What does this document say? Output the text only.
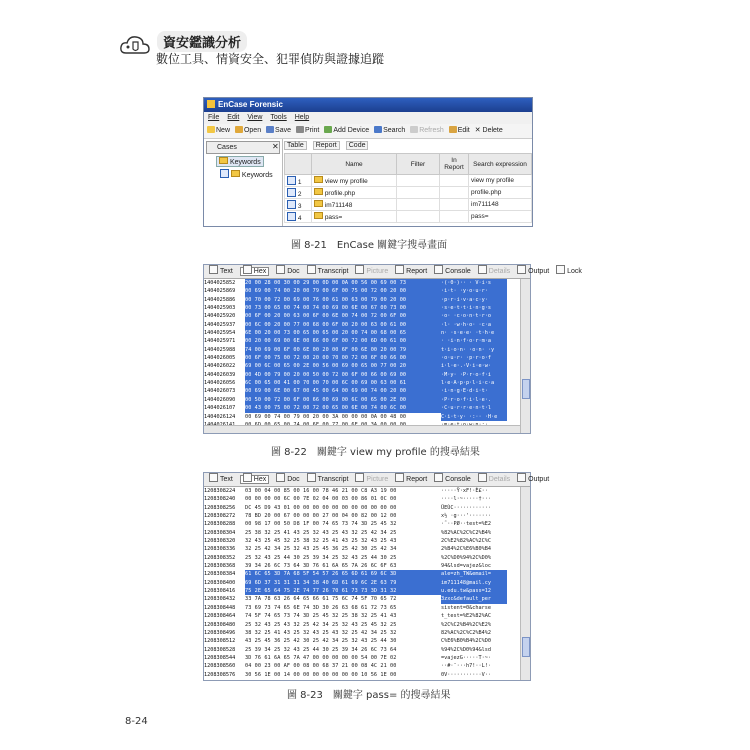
資安鑑識分析
數位工具、情資安全、犯罪偵防與證據追蹤
EnCase Forensic
File Edit View Tools Help
New Open Save Print Add Device Search Refresh Edit ✕ Delete
Cases	✕
Keywords
Keywords
Table Report Code
	Name	Filter	In Report	Search expression
1	view my profile			view my profile
2	profile.php			profile.php
3	im711148			im711148
4	pass=			pass=
圖 8-21　EnCase 關鍵字搜尋畫面
Text	Hex	Doc	Transcript	Picture	Report	Console	Details	Output	Lock
1404025852 20 00 28 00 30 00 29 00 0D 00 0A 00 56 00 69 00 73	·(·0·)·· · V·i·s
1404025869 00 69 00 74 00 20 00 79 00 6F 00 75 00 72 00 20 00	·i·t· ·y·o·u·r·
1404025886 00 70 00 72 00 69 00 76 00 61 00 63 00 79 00 20 00	·p·r·i·v·a·c·y·
1404025903 00 73 00 65 00 74 00 74 00 69 00 6E 00 67 00 73 00	·s·e·t·t·i·n·g·s
1404025920 00 6F 00 20 00 63 00 6F 00 6E 00 74 00 72 00 6F 00	·o· ·c·o·n·t·r·o
1404025937 00 6C 00 20 00 77 00 68 00 6F 00 20 00 63 00 61 00	·l· ·w·h·o· ·c·a
1404025954 6E 00 20 00 73 00 65 00 65 00 20 00 74 00 68 00 65	n· ·s·e·e· ·t·h·e
1404025971 00 20 00 69 00 6E 00 66 00 6F 00 72 00 6D 00 61 00	· ·i·n·f·o·r·m·a
1404025988 74 00 69 00 6F 00 6E 00 20 00 6F 00 6E 00 20 00 79	t·i·o·n· ·o·n· ·y
1404026005 00 6F 00 75 00 72 00 20 00 70 00 72 00 6F 00 66 00	·o·u·r· ·p·r·o·f
1404026022 69 00 6C 00 65 00 2E 00 56 00 69 00 65 00 77 00 20	i·l·e·.·V·i·e·w·
1404026039 00 4D 00 79 00 20 00 50 00 72 00 6F 00 66 00 69 00	·M·y· ·P·r·o·f·i
1404026056 6C 00 65 00 41 00 70 00 70 00 6C 00 69 00 63 00 61	l·e·A·p·p·l·i·c·a
1404026073 00 69 00 6E 00 67 00 45 00 64 00 69 00 74 00 20 00	·i·n·g·E·d·i·t·
1404026090 00 50 00 72 00 6F 00 66 00 69 00 6C 00 65 00 2E 00	·P·r·o·f·i·l·e·.
1404026107 00 43 00 75 00 72 00 72 00 65 00 6E 00 74 00 6C 00	·C·u·r·r·e·n·t·l
1404026124 00 69 00 74 00 79 00 20 00 3A 00 00 00 0A 00 48 00	C·i·t·y· ·:·· ·H·e
圖 8-22　關鍵字 view my profile 的搜尋結果
Text	Hex	Doc	Transcript	Picture	Report	Console	Details	Output
1208308224 03 00 04 00 85 00 16 00 78 46 21 00 C8 A3 19 00	·····Ÿ·xF!·È£··
1208308240 00 00 00 00 6C 00 7E 02 04 00 03 00 86 01 0C 00	····l·~·····†···
1208308256 DC 45 D9 43 01 00 00 00 00 00 00 00 00 00 00 00	ÜEÙC············
1208308272 78 BD 20 00 67 00 00 00 27 00 04 00 82 00 12 00	x½ ·g···'·······
1208308288 00 98 17 00 50 D8 1F 00 74 65 73 74 3D 25 45 32	·˜··PØ··test=%E2
1208308304 25 38 32 25 41 43 25 32 43 25 43 32 25 42 34 25	%82%AC%2C%C2%B4%
1208308320 32 43 25 45 32 25 38 32 25 41 43 25 32 43 25 43	2C%E2%82%AC%2C%C
1208308336 32 25 42 34 25 32 43 25 45 36 25 42 30 25 42 34	2%B4%2C%E6%B0%B4
1208308352 25 32 43 25 44 30 25 39 34 25 32 43 25 44 30 25	%2C%D0%94%2C%D0%
1208308368 39 34 26 6C 73 64 3D 76 61 6A 65 7A 26 6C 6F 63	94&lsd=vajez&loc
1208308384 61 6C 65 3D 7A 68 5F 54 57 26 65 6D 61 69 6C 3D	ale=zh_TW&email=
1208308400 69 6D 37 31 31 31 34 38 40 6D 61 69 6C 2E 63 79	im711148@mail.cy
1208308416 75 2E 65 64 75 2E 74 77 26 70 61 73 73 3D 31 32	u.edu.tw&pass=12
1208308432 33 7A 78 63 26 64 65 66 61 75 6C 74 5F 70 65 72	3zxc&default_per
1208308448 73 69 73 74 65 6E 74 3D 30 26 63 68 61 72 73 65	sistent=0&charse
1208308464 74 5F 74 65 73 74 3D 25 45 32 25 38 32 25 41 43	t_test=%E2%82%AC
1208308480 25 32 43 25 43 32 25 42 34 25 32 43 25 45 32 25	%2C%C2%B4%2C%E2%
1208308496 38 32 25 41 43 25 32 43 25 43 32 25 42 34 25 32	82%AC%2C%C2%B4%2
1208308512 43 25 45 36 25 42 30 25 42 34 25 32 43 25 44 30	C%E6%B0%B4%2C%D0
1208308528 25 39 34 25 32 43 25 44 30 25 39 34 26 6C 73 64	%94%2C%D0%94&lsd
1208308544 3D 76 61 6A 65 7A 47 00 00 00 00 00 54 00 7E 02	=vajezG·····T·~·
1208308560 04 00 23 00 AF 00 08 00 68 37 21 00 08 4C 21 00	··#·¯···h7!··L!·
1208308576 30 56 1E 00 14 00 00 00 00 00 00 00 10 56 1E 00	0V···········V··
圖 8-23　關鍵字 pass= 的搜尋結果
8-24
